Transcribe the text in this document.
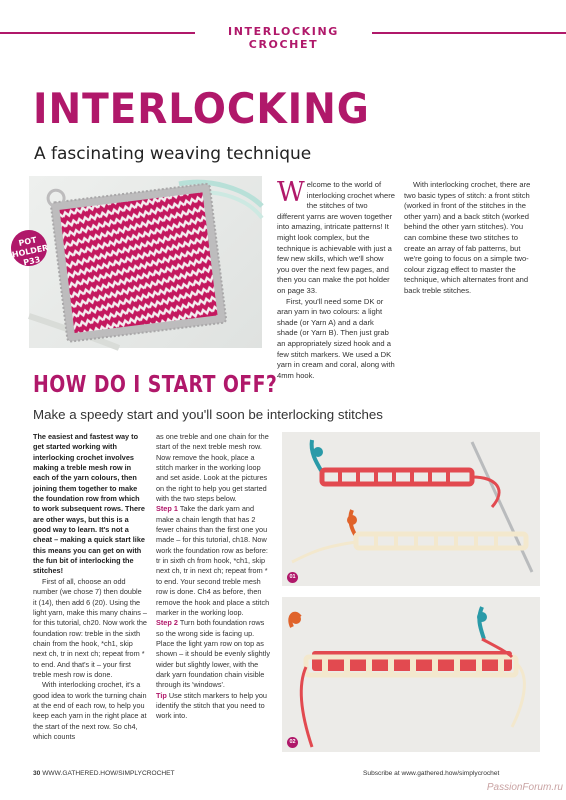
INTERLOCKING CROCHET
INTERLOCKING
A fascinating weaving technique
POT HOLDER P33

Welcome to the world of interlocking crochet where the stitches of two different yarns are woven together into amazing, intricate patterns! It might look complex, but the technique is achievable with just a few new skills, which we'll show you over the next few pages, and then you can make the pot holder on page 33.

First, you'll need some DK or aran yarn in two colours: a light shade (or Yarn A) and a dark shade (or Yarn B). Then just grab an appropriately sized hook and a few stitch markers. We used a DK yarn in cream and coral, along with 4mm hook.

With interlocking crochet, there are two basic types of stitch: a front stitch (worked in front of the stitches in the other yarn) and a back stitch (worked behind the other yarn stitches). You can combine these two stitches to create an array of fab patterns, but we're going to focus on a simple two-colour zigzag effect to master the technique, which alternates front and back treble stitches.

HOW DO I START OFF?
Make a speedy start and you'll soon be interlocking stitches

The easiest and fastest way to get started working with interlocking crochet involves making a treble mesh row in each of the yarn colours, then joining them together to make the foundation row from which to work subsequent rows. There are other ways, but this is a good way to learn. It's not a cheat – making a quick start like this means you can get on with the fun bit of interlocking the stitches!

First of all, choose an odd number (we chose 7) then double it (14), then add 6 (20). Using the light yarn, make this many chains – for this tutorial, ch20. Now work the foundation row: treble in the sixth chain from the hook, *ch1, skip next ch, tr in next ch; repeat from * to end. And that's it – your first treble mesh row is done.

With interlocking crochet, it's a good idea to work the turning chain at the end of each row, to help you keep each yarn in the right place at the start of the next row. So ch4, which counts

as one treble and one chain for the start of the next treble mesh row. Now remove the hook, place a stitch marker in the working loop and set aside. Look at the pictures on the right to help you get started with the two steps below.

Step 1 Take the dark yarn and make a chain length that has 2 fewer chains than the first one you made – for this tutorial, ch18. Now work the foundation row as before: tr in sixth ch from hook, *ch1, skip next ch, tr in next ch; repeat from * to end. Your second treble mesh row is done. Ch4 as before, then remove the hook and place a stitch marker in the working loop.

Step 2 Turn both foundation rows so the wrong side is facing up. Place the light yarn row on top as shown – it should be evenly slightly wider but slightly lower, with the dark yarn foundation chain visible through its 'windows'.

Tip Use stitch markers to help you identify the stitch that you need to work into.

01
02
30 WWW.GATHERED.HOW/SIMPLYCROCHET	Subscribe at www.gathered.how/simplycrochet
PassionForum.ru
